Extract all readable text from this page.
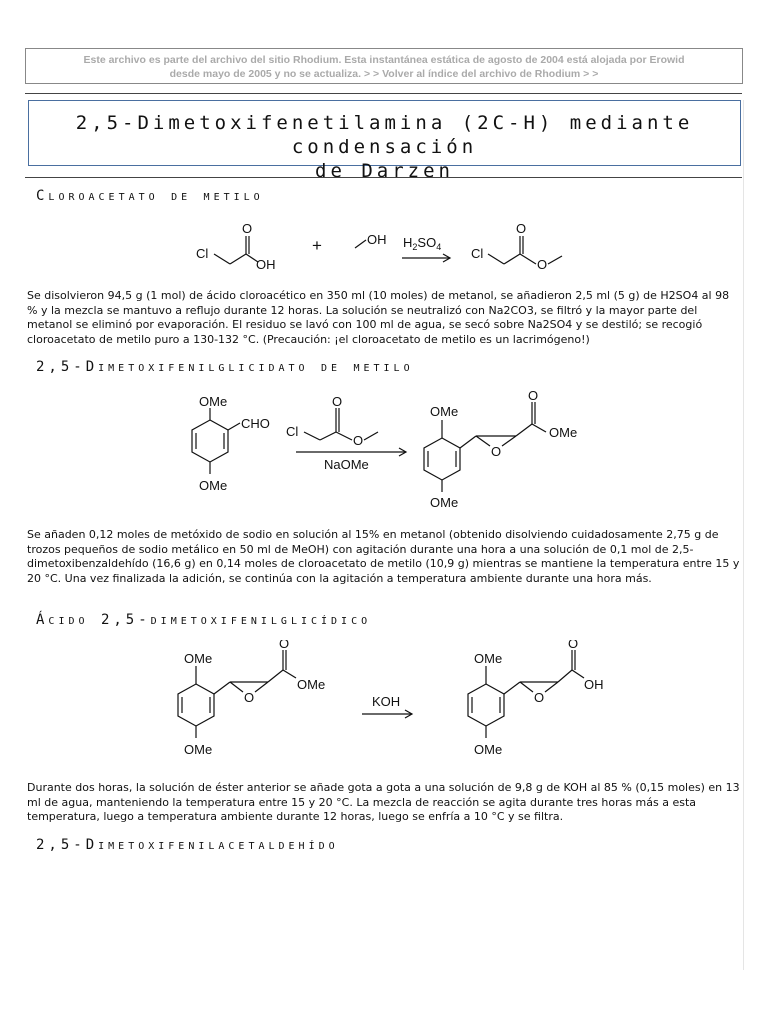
Este archivo es parte del archivo del sitio Rhodium. Esta instantánea estática de agosto de 2004 está alojada por Erowid
desde mayo de 2005 y no se actualiza. > > Volver al índice del archivo de Rhodium > >
2,5-Dimetoxifenetilamina (2C-H) mediante condensación
de Darzen
Cloroacetato de metilo
Cl
O
OH
+	OH $H_2SO_4$ Cl
O
O

Se disolvieron 94,5 g (1 mol) de ácido cloroacético en 350 ml (10 moles) de metanol, se añadieron 2,5 ml (5 g) de H2SO4 al 98 % y la mezcla se mantuvo a reflujo durante 12 horas. La solución se neutralizó con Na2CO3, se filtró y la mayor parte del metanol se eliminó por evaporación. El residuo se lavó con 100 ml de agua, se secó sobre Na2SO4 y se destiló; se recogió cloroacetato de metilo puro a 130-132 °C. (Precaución: ¡el cloroacetato de metilo es un lacrimógeno!)

2,5-Dimetoxifenilglicidato de metilo
OMe
CHO
OMe
Cl
O
O
NaOMe
OMe
OMe
O
O
OMe

Se añaden 0,12 moles de metóxido de sodio en solución al 15% en metanol (obtenido disolviendo cuidadosamente 2,75 g de trozos pequeños de sodio metálico en 50 ml de MeOH) con agitación durante una hora a una solución de 0,1 mol de 2,5-dimetoxibenzaldehído (16,6 g) en 0,14 moles de cloroacetato de metilo (10,9 g) mientras se mantiene la temperatura entre 15 y 20 °C. Una vez finalizada la adición, se continúa con la agitación a temperatura ambiente durante una hora más.

Ácido 2,5-dimetoxifenilglicídico
OMe
OMe
O
O
OMe
KOH
OMe
OMe
O
O
OH

Durante dos horas, la solución de éster anterior se añade gota a gota a una solución de 9,8 g de KOH al 85 % (0,15 moles) en 13 ml de agua, manteniendo la temperatura entre 15 y 20 °C. La mezcla de reacción se agita durante tres horas más a esta temperatura, luego a temperatura ambiente durante 12 horas, luego se enfría a 10 °C y se filtra.

2,5-Dimetoxifenilacetaldehído
